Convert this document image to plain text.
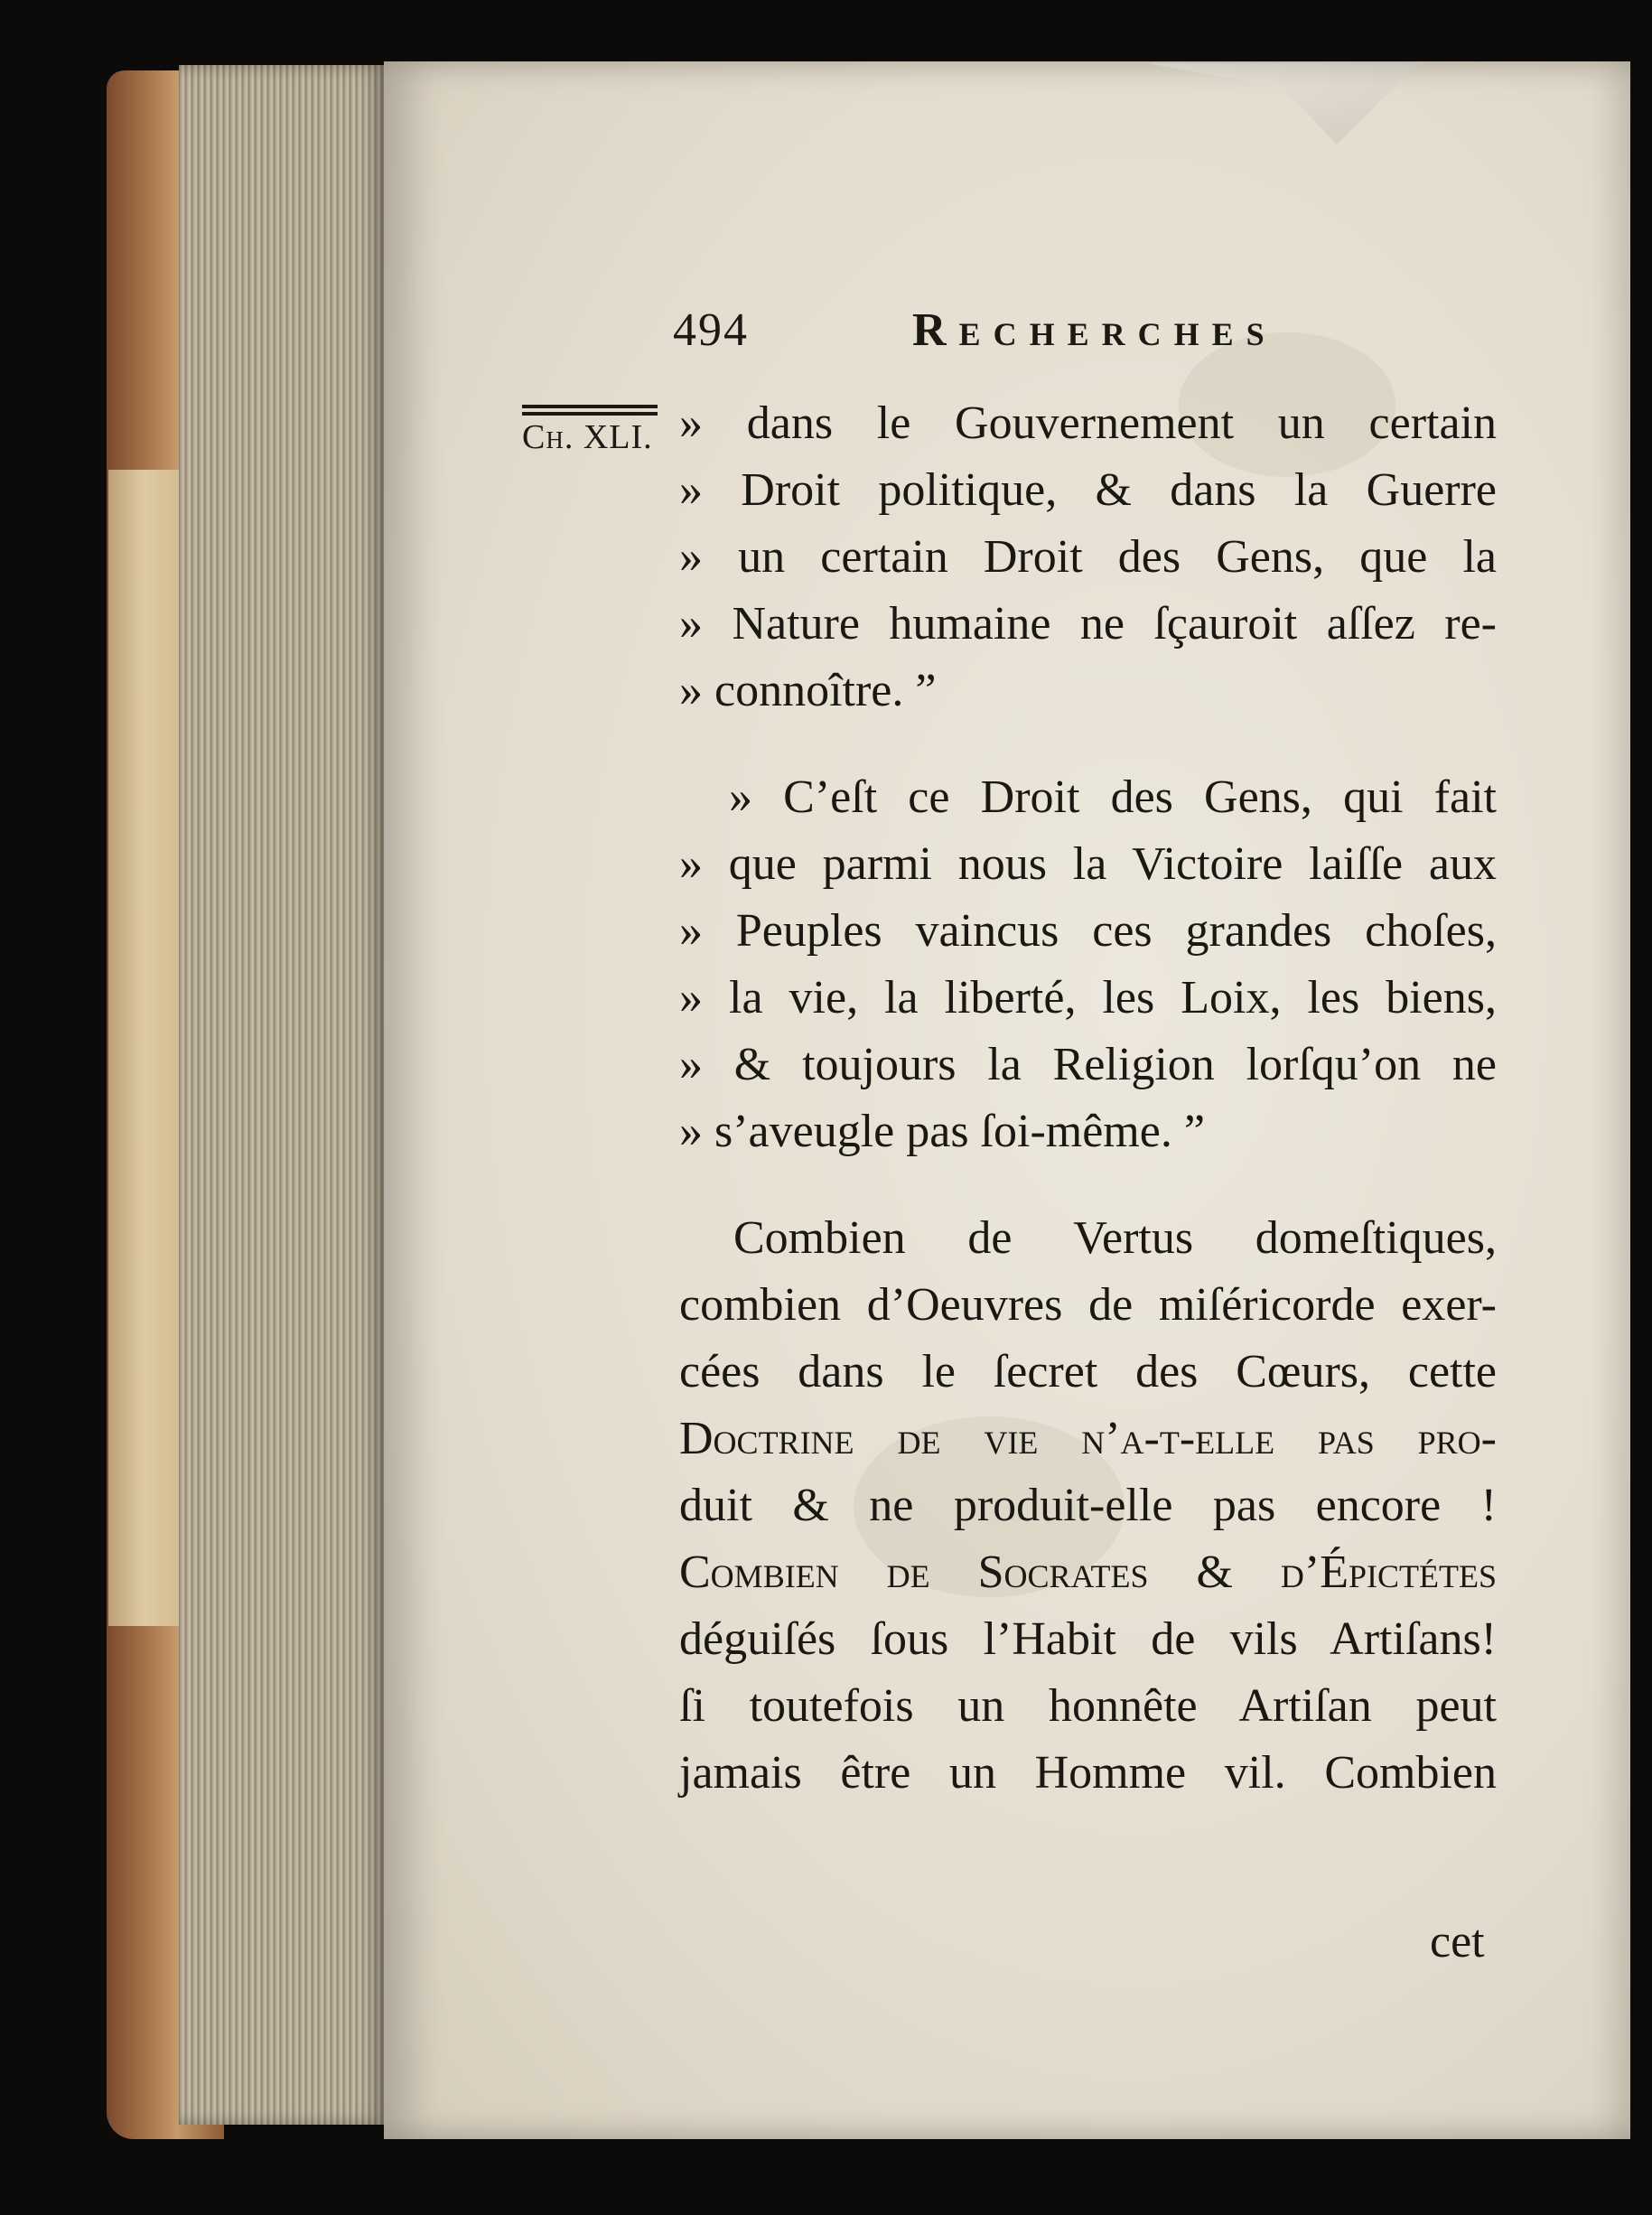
494	Recherches
Ch. XLI. » dans le Gouvernement un certain
» Droit politique, & dans la Guerre
» un certain Droit des Gens, que la
» Nature humaine ne ſçauroit aſſez re-
» connoître. ”
» C’eſt ce Droit des Gens, qui fait
» que parmi nous la Victoire laiſſe aux
» Peuples vaincus ces grandes choſes,
» la vie, la liberté, les Loix, les biens,
» & toujours la Religion lorſqu’on ne
» s’aveugle pas ſoi-même. ”
Combien de Vertus domeſtiques,
combien d’Oeuvres de miſéricorde exer-
cées dans le ſecret des Cœurs, cette
Doctrine de vie n’a-t-elle pas pro-
duit & ne produit-elle pas encore !
Combien de Socrates & d’Épictétes
déguiſés ſous l’Habit de vils Artiſans!
ſi toutefois un honnête Artiſan peut
jamais être un Homme vil. Combien
cet
